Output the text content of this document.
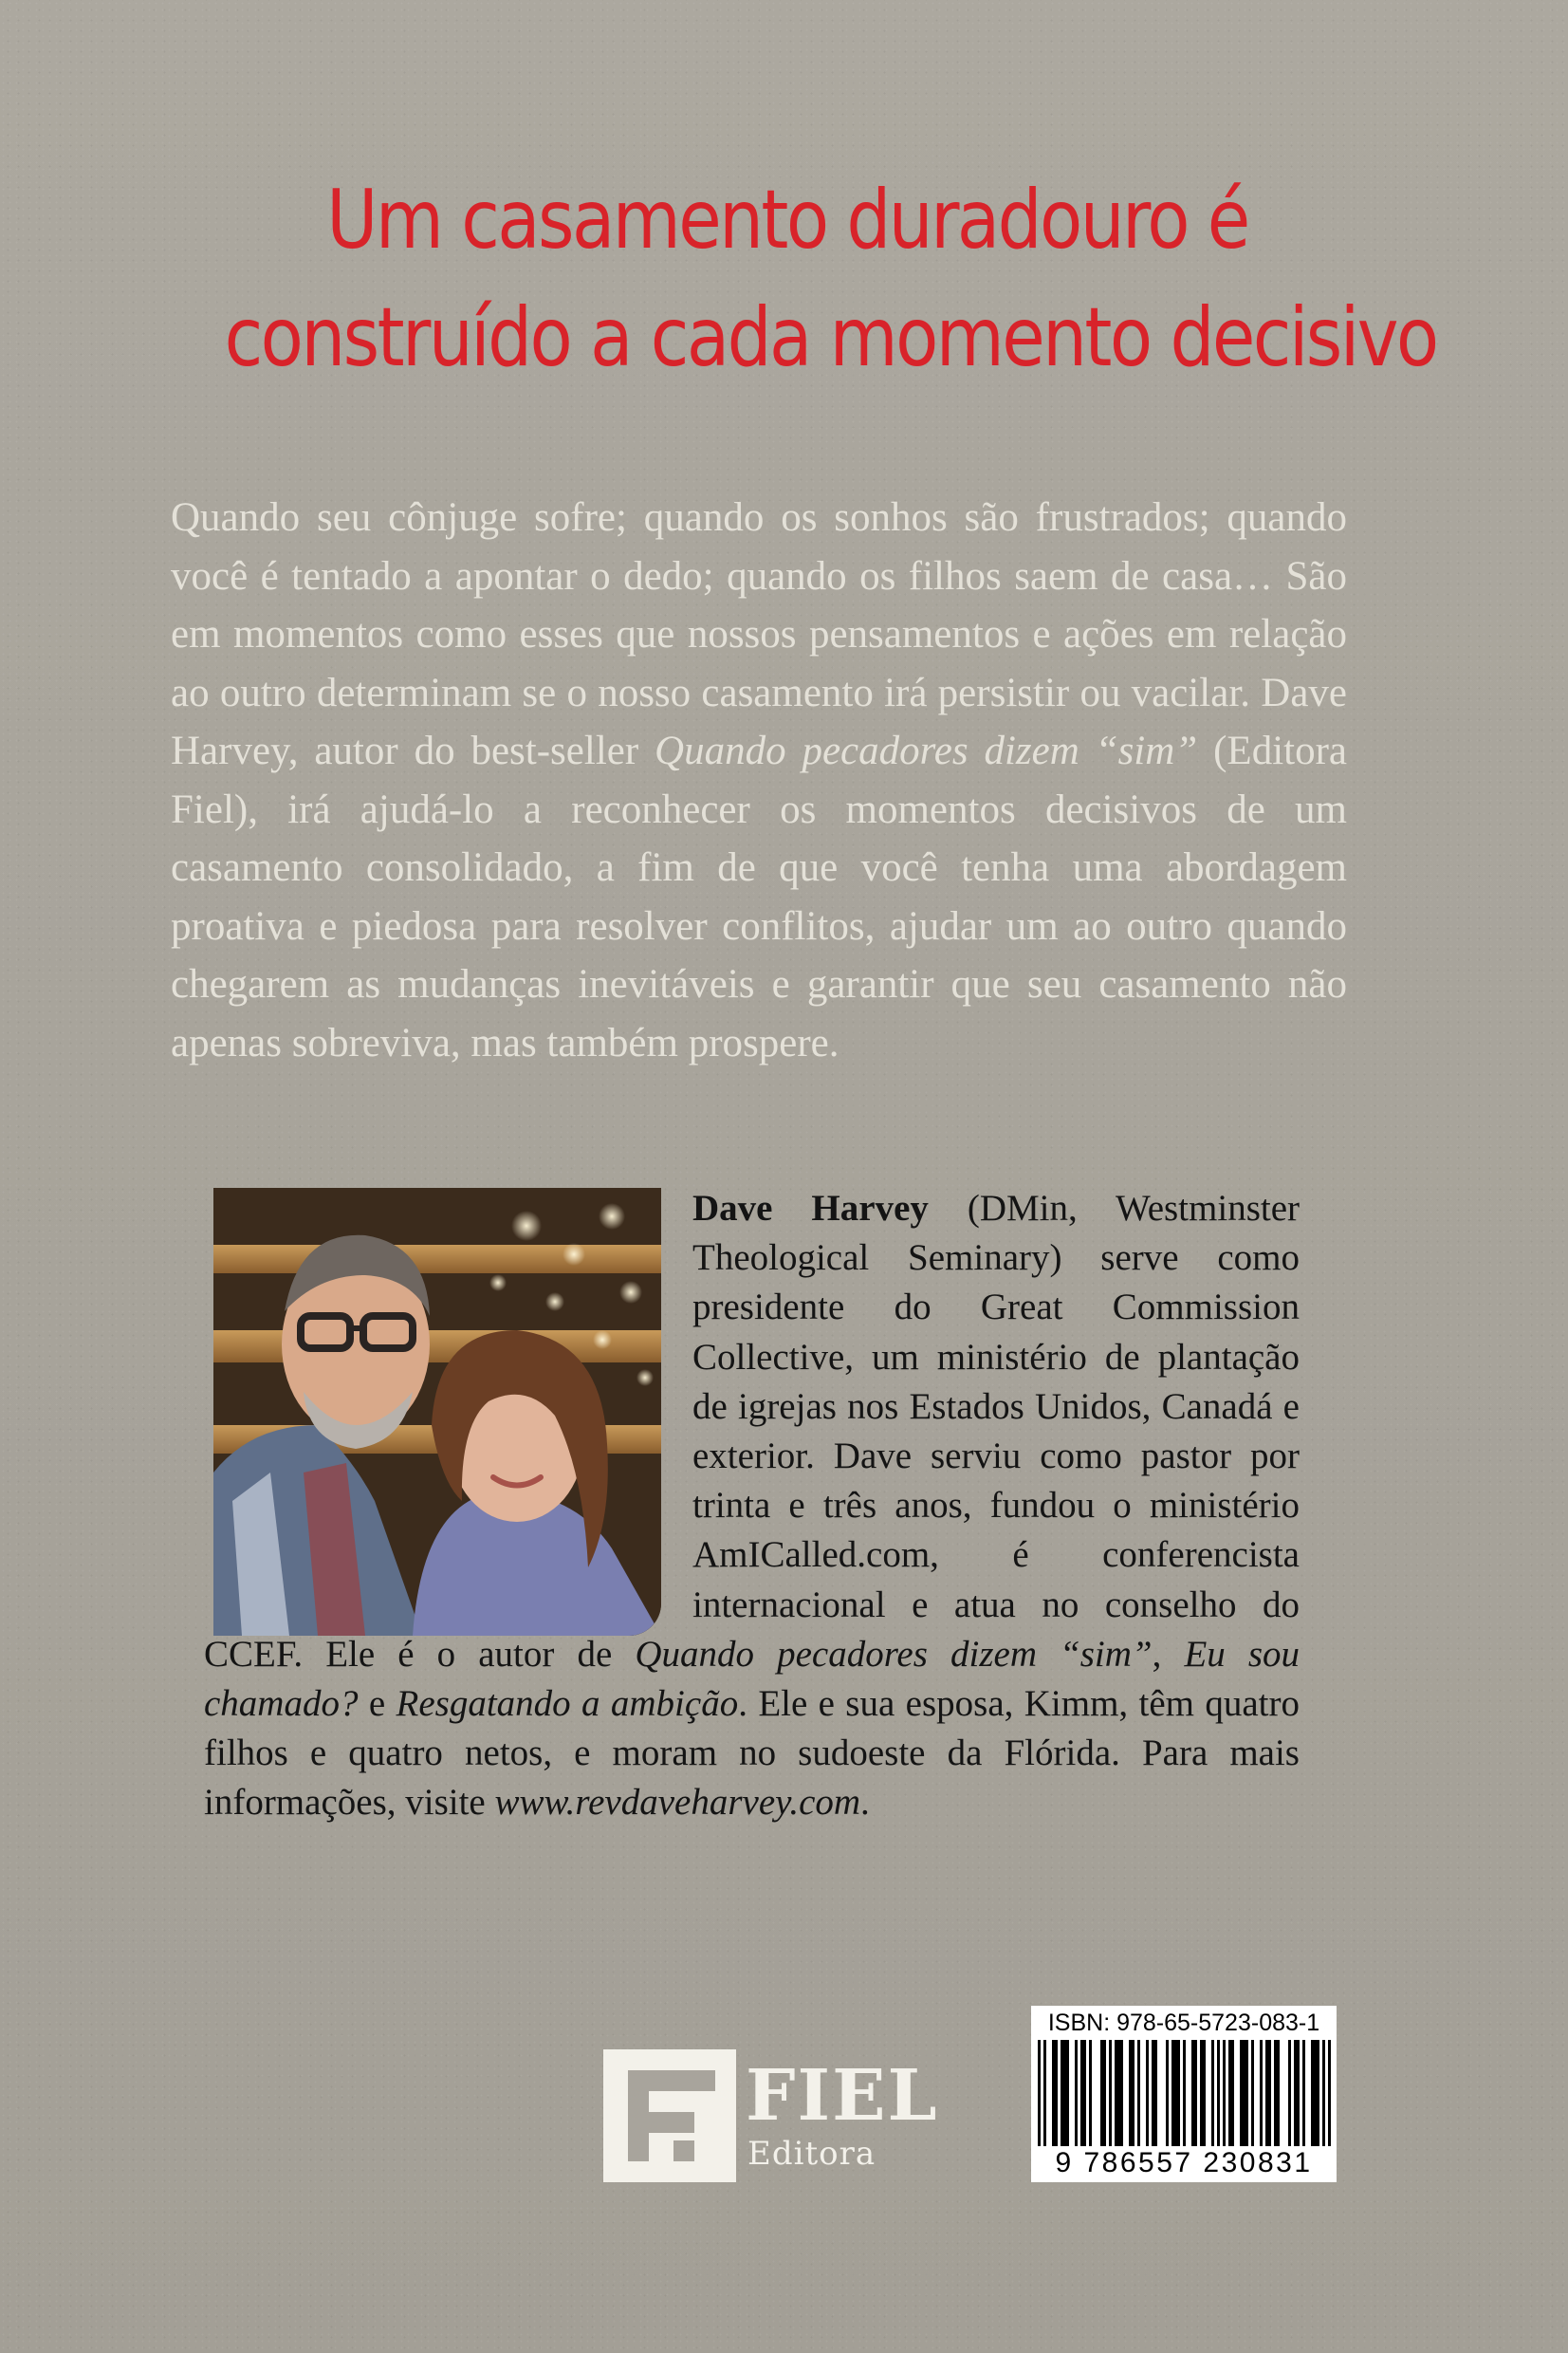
Um casamento duradouro é
construído a cada momento decisivo

Quando seu cônjuge sofre; quando os sonhos são frustrados; quando você é tentado a apontar o dedo; quando os filhos saem de casa… São em momentos como esses que nossos pensamentos e ações em relação ao outro determinam se o nosso casamento irá persistir ou vacilar. Dave Harvey, autor do best-seller Quando pecadores dizem “sim” (Editora Fiel), irá ajudá-lo a reconhecer os momentos decisivos de um casamento consolidado, a fim de que você tenha uma abordagem proativa e piedosa para resolver conflitos, ajudar um ao outro quando chegarem as mudanças inevitáveis e garantir que seu casamento não apenas sobreviva, mas também prospere.

Dave Harvey (DMin, Westminster Theological Seminary) serve como presidente do Great Commission Collective, um ministério de plantação de igrejas nos Estados Unidos, Canadá e exterior. Dave serviu como pastor por trinta e três anos, fundou o ministério AmICalled.com, é conferencista internacional e atua no conselho do CCEF. Ele é o autor de Quando pecadores dizem “sim”, Eu sou chamado? e Resgatando a ambição. Ele e sua esposa, Kimm, têm quatro filhos e quatro netos, e moram no sudoeste da Flórida. Para mais informações, visite www.revdaveharvey.com.

FIEL
Editora
ISBN: 978-65-5723-083-1
9 786557 230831
